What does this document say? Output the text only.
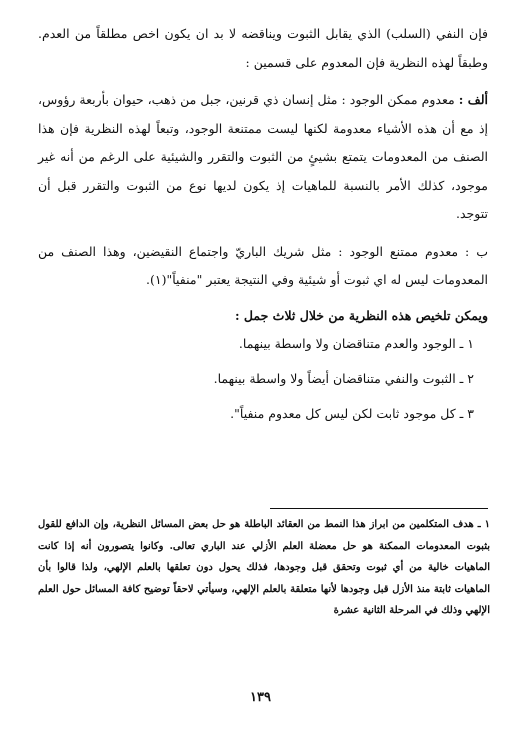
فإن النفي (السلب) الذي يقابل الثبوت ويناقضه لا بد ان يكون اخص مطلقاً من العدم. وطبقاً لهذه النظرية فإن المعدوم على قسمين :

ألف : معدوم ممكن الوجود : مثل إنسان ذي قرنين، جبل من ذهب، حيوان بأربعة رؤوس، إذ مع أن هذه الأشياء معدومة لكنها ليست ممتنعة الوجود، وتبعاً لهذه النظرية فإن هذا الصنف من المعدومات يتمتع بشيئٍ من الثبوت والتقرر والشيئية على الرغم من أنه غير موجود، كذلك الأمر بالنسبة للماهيات إذ يكون لديها نوع من الثبوت والتقرر قبل أن تتوجد.

ب : معدوم ممتنع الوجود : مثل شريك الباريّ واجتماع النقيضين، وهذا الصنف من المعدومات ليس له اي ثبوت أو شيئية وفي النتيجة يعتبر "منفياً"(١).

ويمكن تلخيص هذه النظرية من خلال ثلاث جمل :

١ ـ الوجود والعدم متناقضان ولا واسطة بينهما.

٢ ـ الثبوت والنفي متناقضان أيضاً ولا واسطة بينهما.

٣ ـ كل موجود ثابت لكن ليس كل معدوم منفياً".

١ ـ هدف المتكلمين من ابراز هذا النمط من العقائد الباطلة هو حل بعض المسائل النظرية، وإن الدافع للقول بثبوت المعدومات الممكنة هو حل معضلة العلم الأزلي عند الباري تعالى. وكانوا يتصورون أنه إذا كانت الماهيات خالية من أي ثبوت وتحقق قبل وجودها، فذلك يحول دون تعلقها بالعلم الإلهي، ولذا قالوا بأن الماهيات ثابتة منذ الأزل قبل وجودها لأنها متعلقة بالعلم الإلهي، وسيأتي لاحقاً توضيح كافة المسائل حول العلم الإلهي وذلك في المرحلة الثانية عشرة

١٣٩
